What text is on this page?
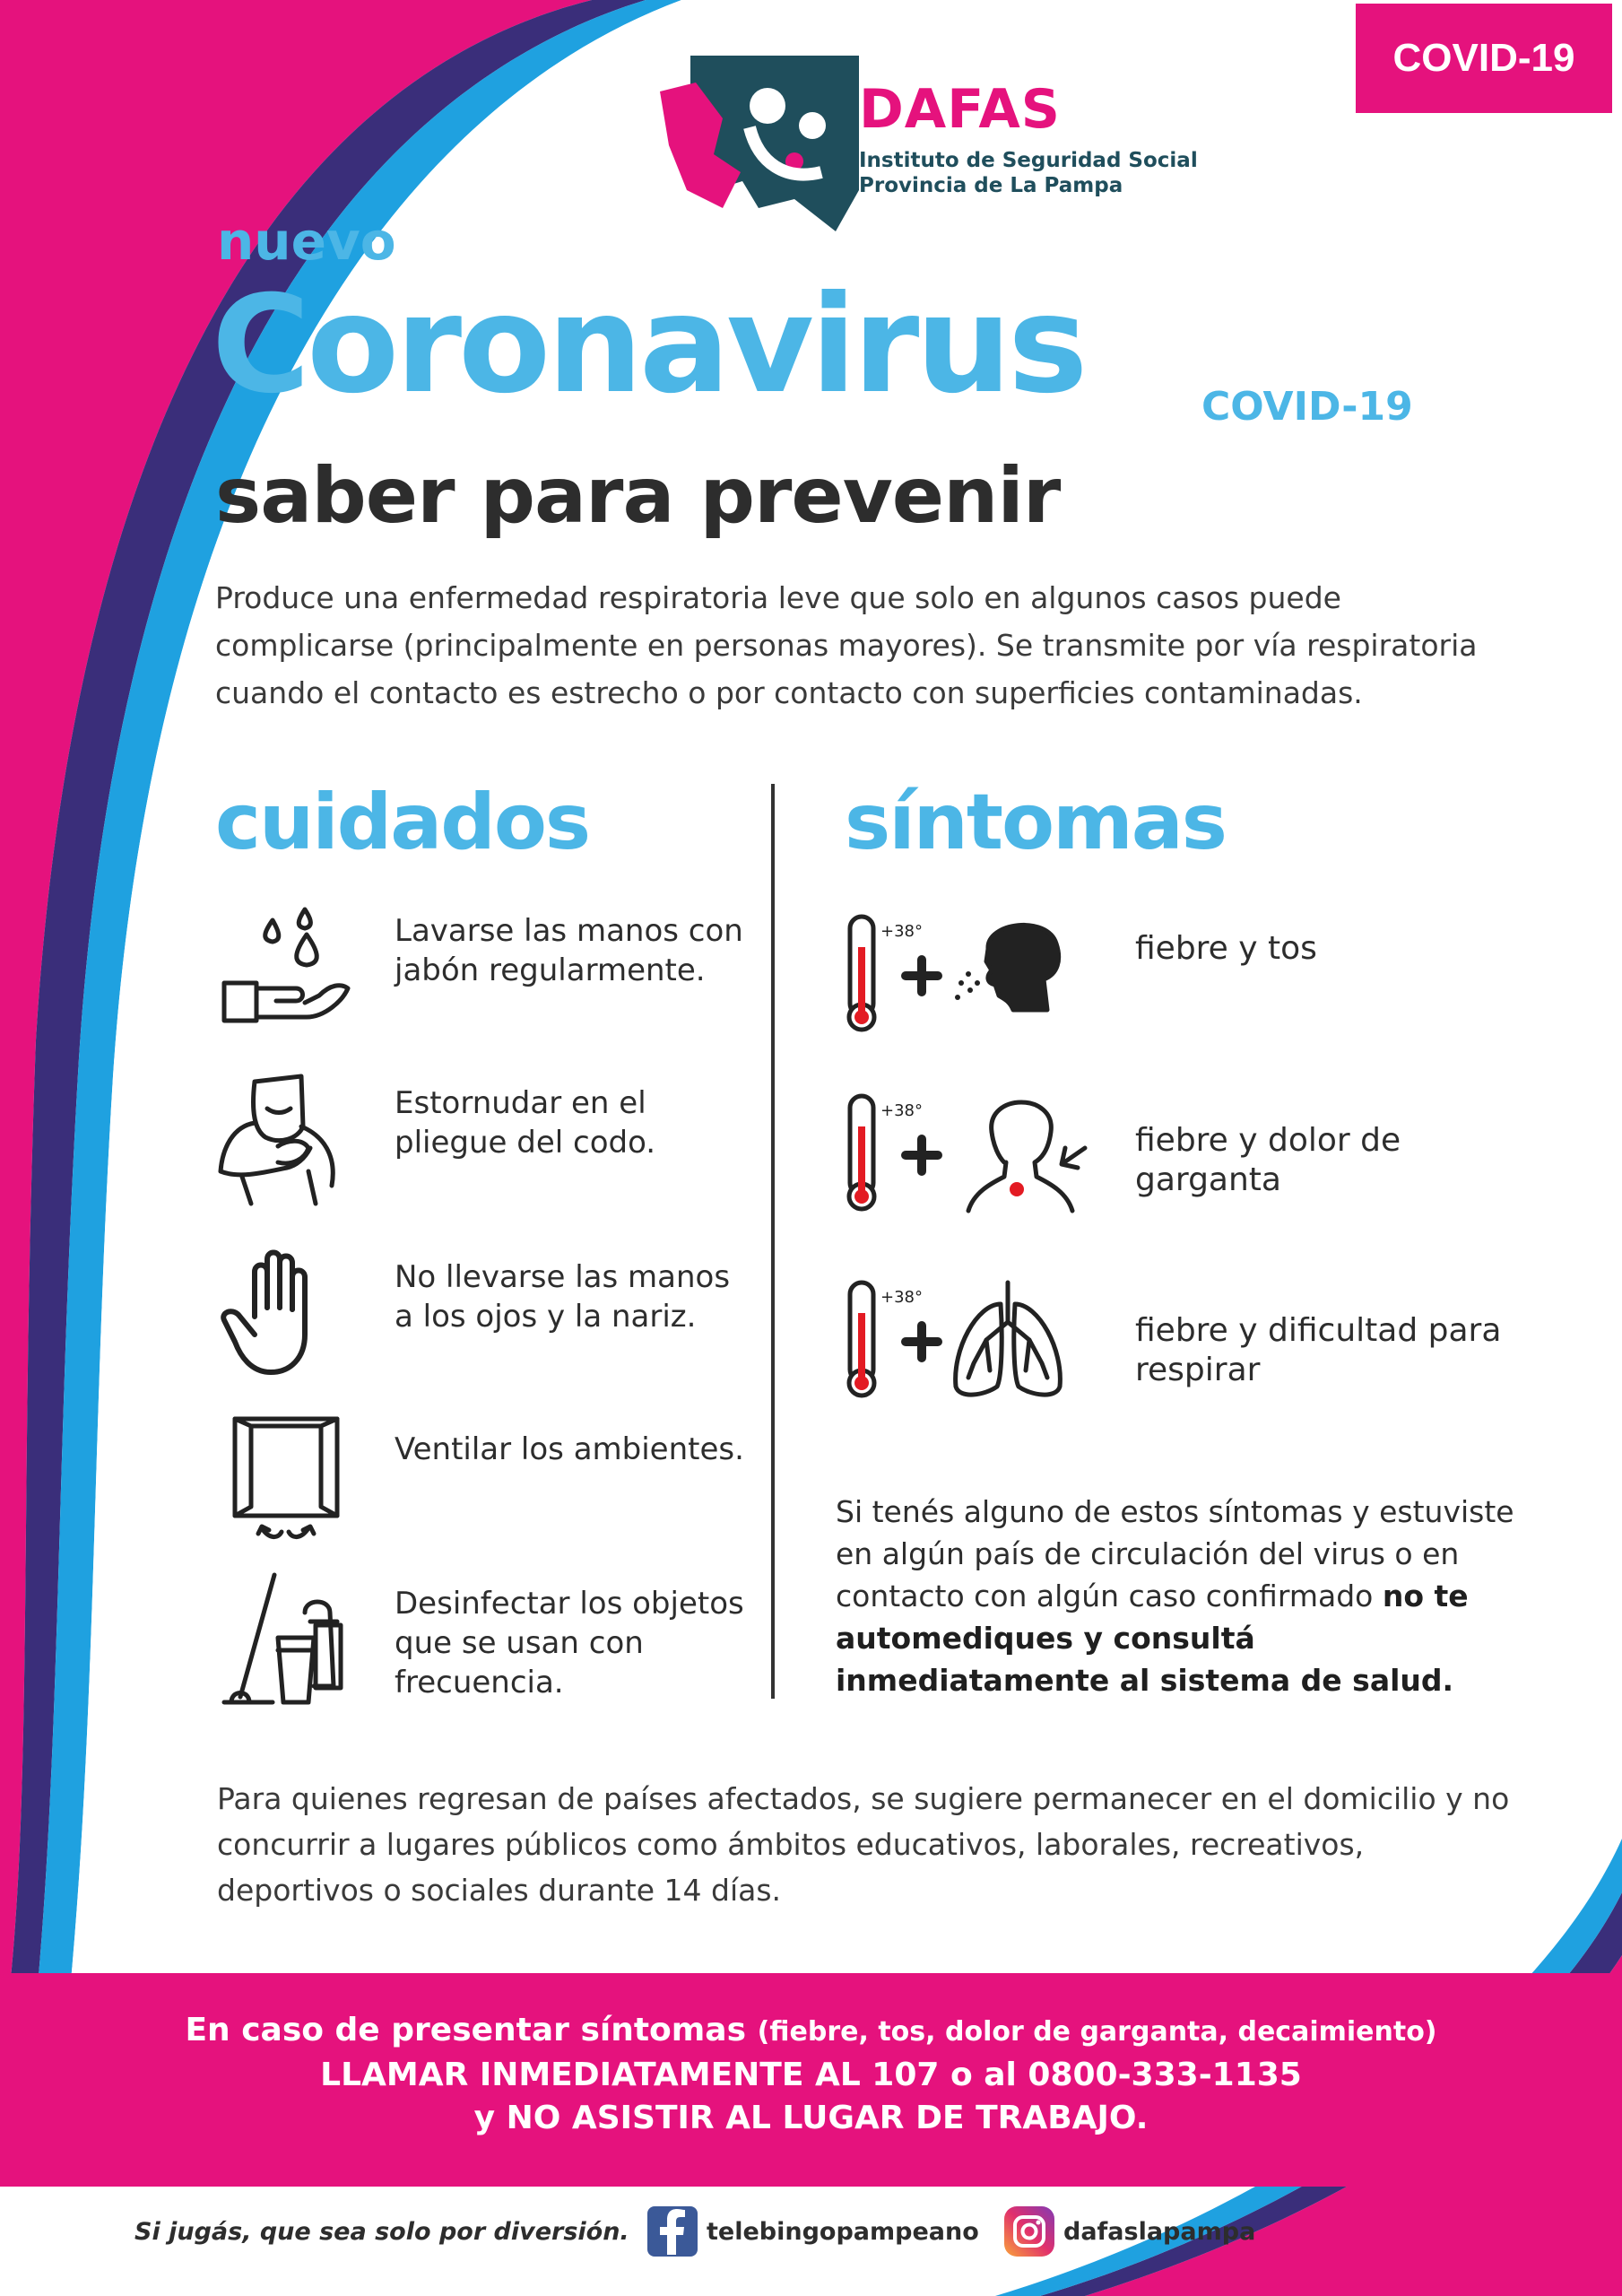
COVID-19
DAFAS
Instituto de Seguridad Social
Provincia de La Pampa
nuevo
Coronavirus	COVID-19
saber para prevenir
Produce una enfermedad respiratoria leve que solo en algunos casos puede complicarse (principalmente en personas mayores). Se transmite por vía respiratoria cuando el contacto es estrecho o por contacto con superficies contaminadas.
cuidados	síntomas
Lavarse las manos con jabón regularmente.
Estornudar en el pliegue del codo.
No llevarse las manos a los ojos y la nariz.
Ventilar los ambientes.
Desinfectar los objetos que se usan con frecuencia.
+38°	fiebre y tos
+38°
fiebre y dolor de garganta
+38°
fiebre y dificultad para respirar
Si tenés alguno de estos síntomas y estuviste en algún país de circulación del virus o en contacto con algún caso confirmado no te automediques y consultá inmediatamente al sistema de salud.
Para quienes regresan de países afectados, se sugiere permanecer en el domicilio y no concurrir a lugares públicos como ámbitos educativos, laborales, recreativos, deportivos o sociales durante 14 días.
En caso de presentar síntomas (fiebre, tos, dolor de garganta, decaimiento)
LLAMAR INMEDIATAMENTE AL 107 o al 0800-333-1135
y NO ASISTIR AL LUGAR DE TRABAJO.
Si jugás, que sea solo por diversión.	telebingopampeano	dafaslapampa
